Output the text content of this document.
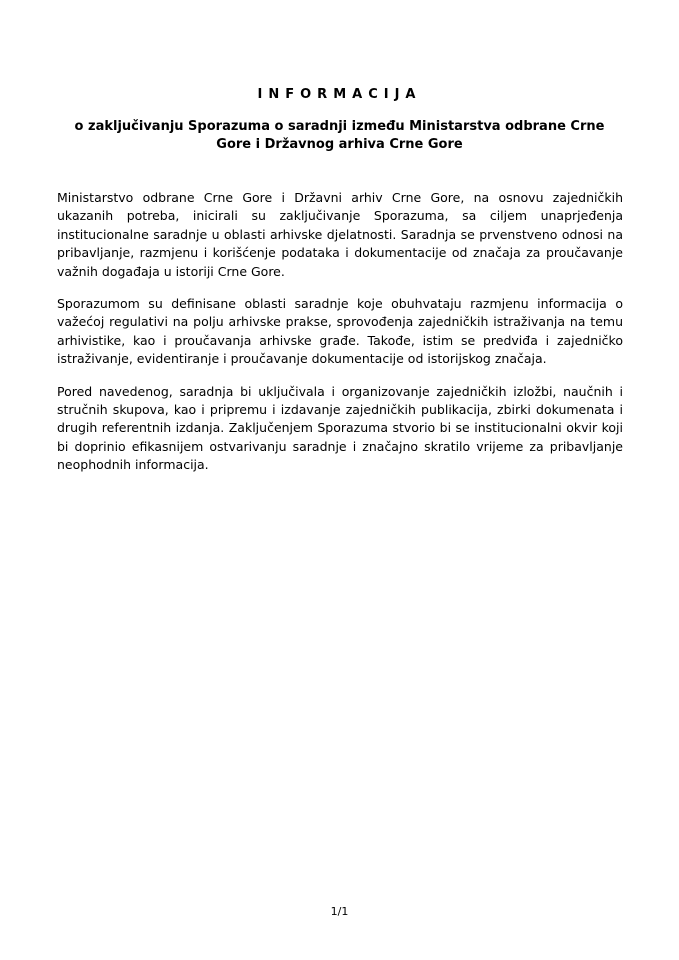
INFORMACIJA
o zaključivanju Sporazuma o saradnji između Ministarstva odbrane Crne Gore i Državnog arhiva Crne Gore

Ministarstvo odbrane Crne Gore i Državni arhiv Crne Gore, na osnovu zajedničkih ukazanih potreba, inicirali su zaključivanje Sporazuma, sa ciljem unaprjeđenja institucionalne saradnje u oblasti arhivske djelatnosti. Saradnja se prvenstveno odnosi na pribavljanje, razmjenu i korišćenje podataka i dokumentacije od značaja za proučavanje važnih događaja u istoriji Crne Gore.

Sporazumom su definisane oblasti saradnje koje obuhvataju razmjenu informacija o važećoj regulativi na polju arhivske prakse, sprovođenja zajedničkih istraživanja na temu arhivistike, kao i proučavanja arhivske građe. Takođe, istim se predviđa i zajedničko istraživanje, evidentiranje i proučavanje dokumentacije od istorijskog značaja.

Pored navedenog, saradnja bi uključivala i organizovanje zajedničkih izložbi, naučnih i stručnih skupova, kao i pripremu i izdavanje zajedničkih publikacija, zbirki dokumenata i drugih referentnih izdanja. Zaključenjem Sporazuma stvorio bi se institucionalni okvir koji bi doprinio efikasnijem ostvarivanju saradnje i značajno skratilo vrijeme za pribavljanje neophodnih informacija.

1/1
